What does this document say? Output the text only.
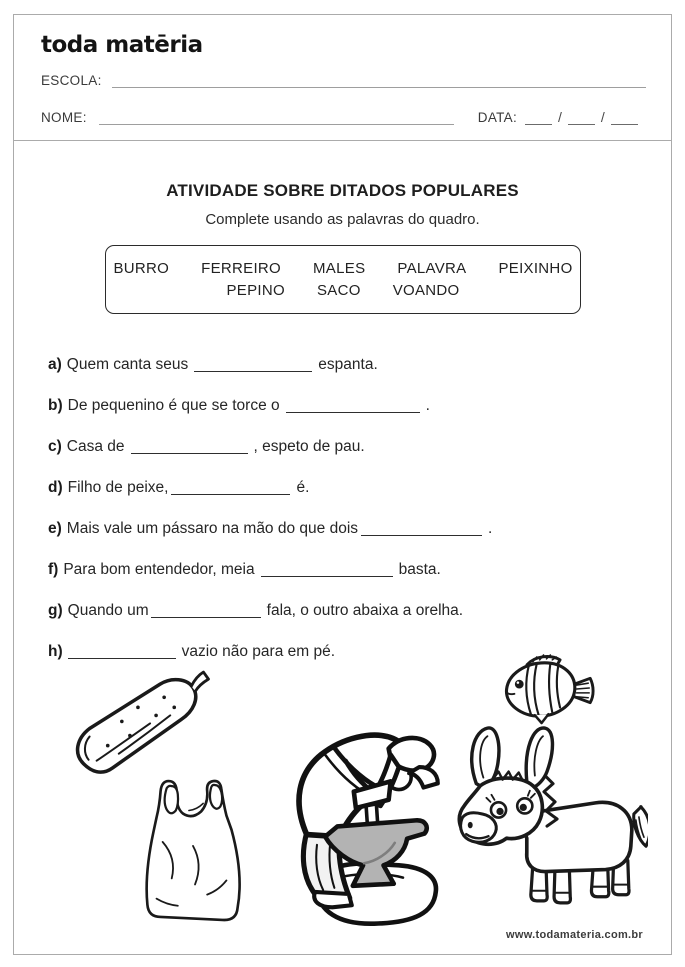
toda matēria
ESCOLA:
NOME:	DATA:	/	/
ATIVIDADE SOBRE DITADOS POPULARES
Complete usando as palavras do quadro.
BURRO FERREIRO MALES PALAVRA PEIXINHO
PEPINO SACO VOANDO
a) Quem canta seus	espanta.
b) De pequenino é que se torce o	.
c) Casa de	, espeto de pau.
d) Filho de peixe,	é.
e) Mais vale um pássaro na mão do que dois	.
f) Para bom entendedor, meia	basta.
g) Quando um	fala, o outro abaixa a orelha.
h)	vazio não para em pé.
www.todamateria.com.br
